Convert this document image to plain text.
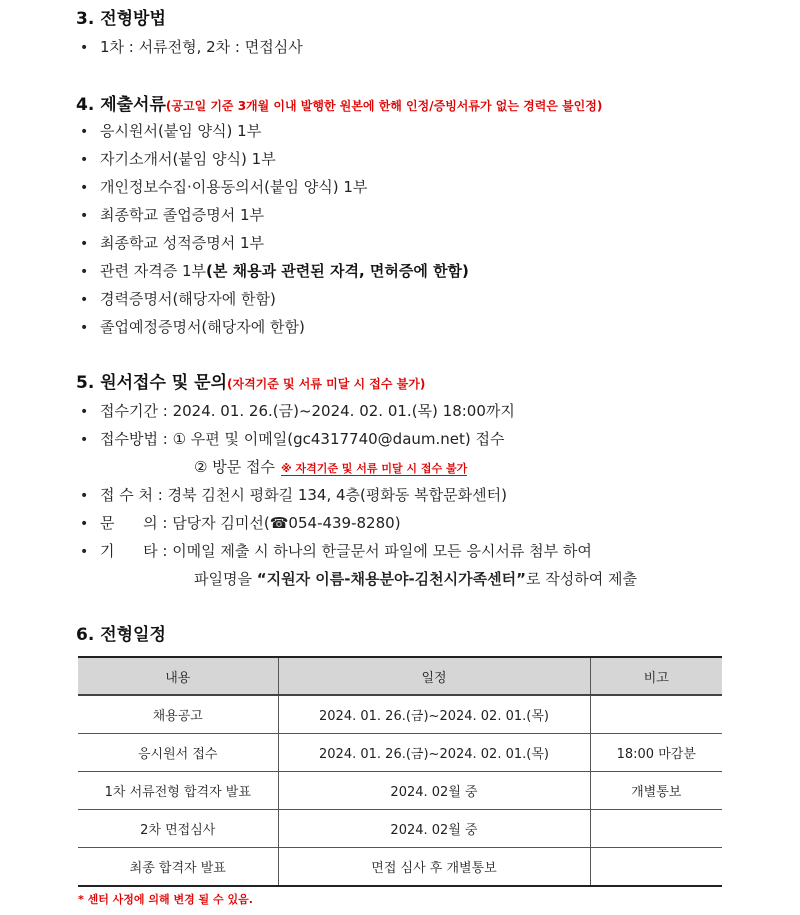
3. 전형방법
• 1차 : 서류전형, 2차 : 면접심사
4. 제출서류(공고일 기준 3개월 이내 발행한 원본에 한해 인정/증빙서류가 없는 경력은 불인정)
• 응시원서(붙임 양식) 1부
• 자기소개서(붙임 양식) 1부
• 개인정보수집·이용동의서(붙임 양식) 1부
• 최종학교 졸업증명서 1부
• 최종학교 성적증명서 1부
• 관련 자격증 1부(본 채용과 관련된 자격, 면허증에 한함)
• 경력증명서(해당자에 한함)
• 졸업예정증명서(해당자에 한함)
5. 원서접수 및 문의(자격기준 및 서류 미달 시 접수 불가)
• 접수기간 : 2024. 01. 26.(금)~2024. 02. 01.(목) 18:00까지
• 접수방법 : ① 우편 및 이메일(gc4317740@daum.net) 접수
② 방문 접수 ※ 자격기준 및 서류 미달 시 접수 불가
• 접 수 처 : 경북 김천시 평화길 134, 4층(평화동 복합문화센터)
• 문      의 : 담당자 김미선(☎054-439-8280)
• 기      타 : 이메일 제출 시 하나의 한글문서 파일에 모든 응시서류 첨부 하여
파일명을 “지원자 이름-채용분야-김천시가족센터”로 작성하여 제출
6. 전형일정
내용	일정	비고
채용공고	2024. 01. 26.(금)~2024. 02. 01.(목)	
응시원서 접수	2024. 01. 26.(금)~2024. 02. 01.(목)	18:00 마감분
1차 서류전형 합격자 발표	2024. 02월 중	개별통보
2차 면접심사	2024. 02월 중	
최종 합격자 발표	면접 심사 후 개별통보	
* 센터 사정에 의해 변경 될 수 있음.
